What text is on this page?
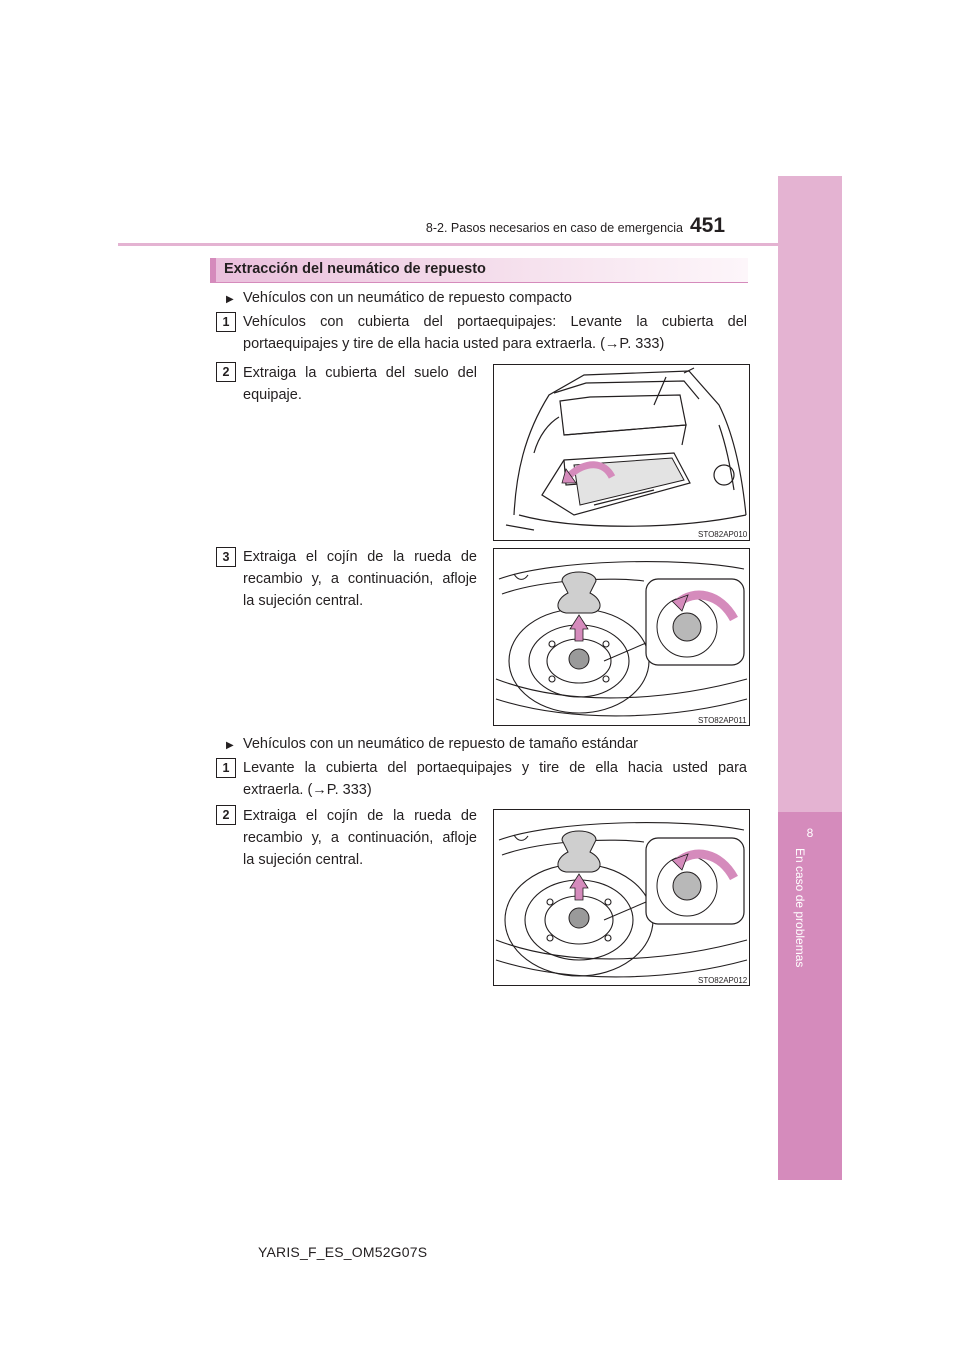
8
En caso de problemas
8-2. Pasos necesarios en caso de emergencia 451
Extracción del neumático de repuesto
▶ Vehículos con un neumático de repuesto compacto
1 Vehículos con cubierta del portaequipajes: Levante la cubierta del
portaequipajes y tire de ella hacia usted para extraerla. (→P. 333)
2 Extraiga la cubierta del suelo del
equipaje.
STO82AP010
3 Extraiga el cojín de la rueda de
recambio y, a continuación, afloje
la sujeción central.
STO82AP011
▶ Vehículos con un neumático de repuesto de tamaño estándar
1 Levante la cubierta del portaequipajes y tire de ella hacia usted para
extraerla. (→P. 333)
2 Extraiga el cojín de la rueda de
recambio y, a continuación, afloje
la sujeción central.
STO82AP012
YARIS_F_ES_OM52G07S
